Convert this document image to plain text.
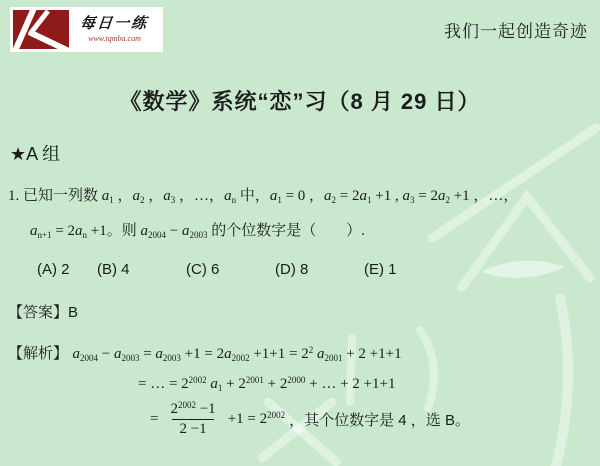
每日一练
www.tqmba.com	我们一起创造奇迹
《数学》系统“恋”习（8 月 29 日）
★A 组
1. 已知一列数 $a_1$ ，$a_2$ ，$a_3$ ，…，$a_n$ 中，$a_1 = 0$ ，$a_2 = 2a_1 +1$ , $a_3 = 2a_2 +1$ ，…，
$a_{n+1} = 2a_n +1$。则 $a_{2004} - a_{2003}$ 的个位数字是（　　）.
(A) 2 (B) 4	(C) 6	(D) 8	(E) 1
【答案】B
【解析】 $a_{2004} - a_{2003} = a_{2003} +1 = 2a_{2002} +1+1 = 2^2$ $a_{2001} + 2 +1+1$
= … = $2^{2002}$ $a_1 + 2^{2001} + 2^{2000}$ + … + 2 +1+1
= $\frac{2^{2002} -1}{2 -1} +1 = 2^{2002}$ ，其个位数字是 4 ，选 B。
